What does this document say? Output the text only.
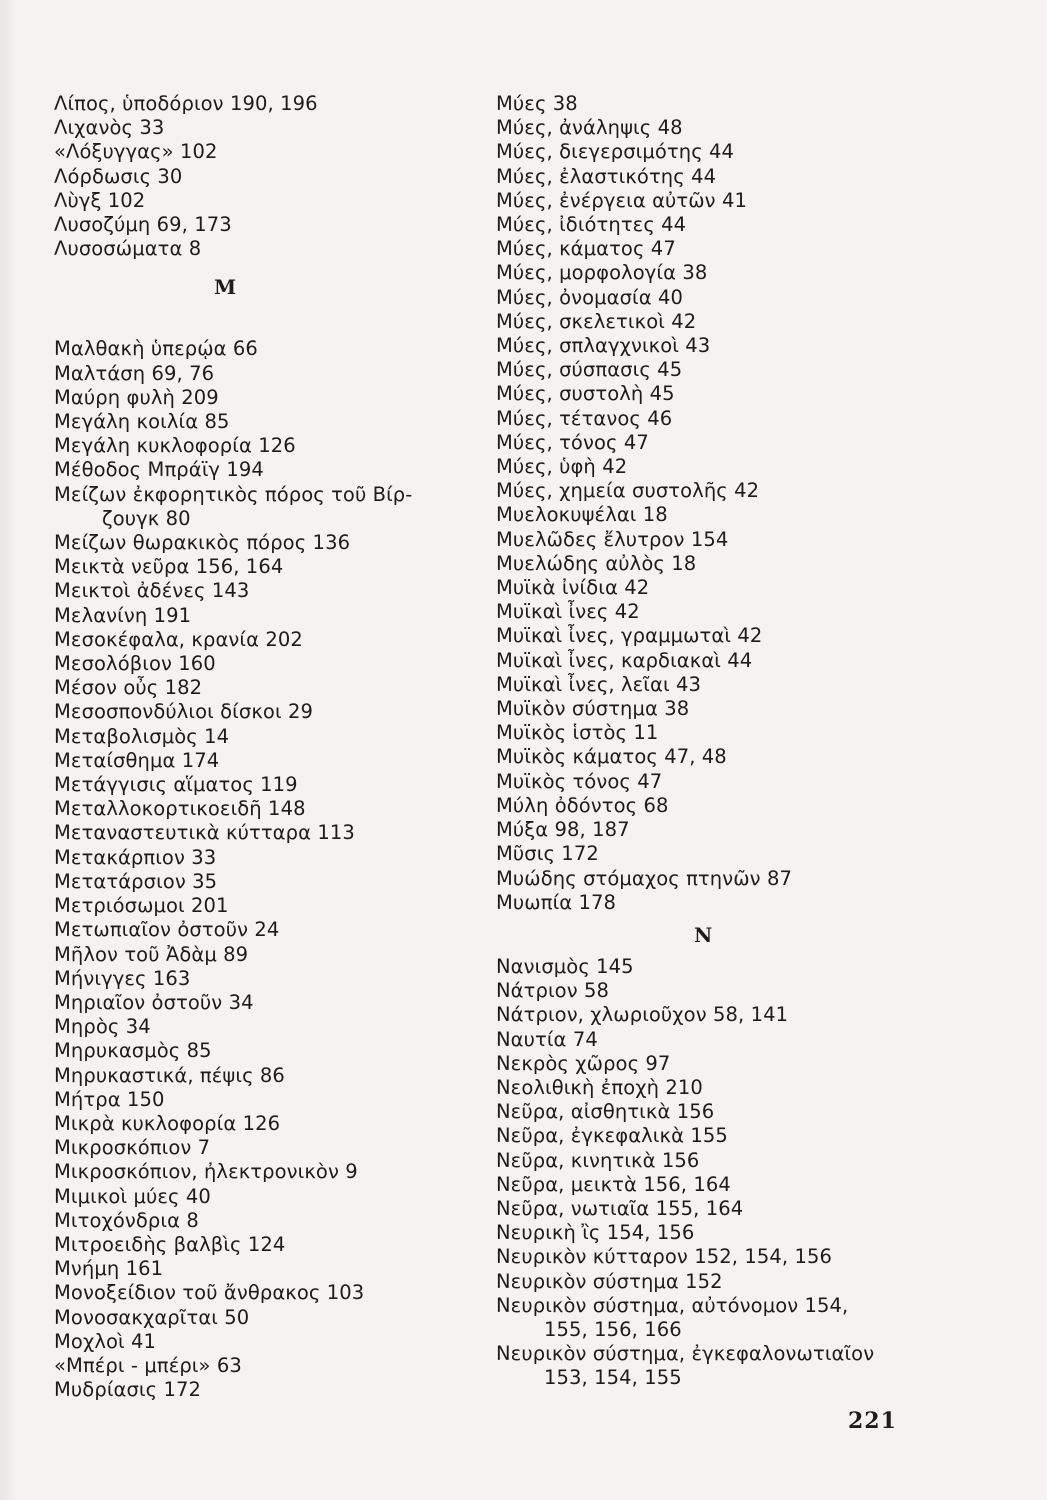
Λίπος, ὑποδόριον 190, 196
Λιχανὸς 33
«Λόξυγγας» 102
Λόρδωσις 30
Λὺγξ 102
Λυσοζύμη 69, 173
Λυσοσώματα 8
Μ
Μαλθακὴ ὑπερῴα 66
Μαλτάση 69, 76
Μαύρη φυλὴ 209
Μεγάλη κοιλία 85
Μεγάλη κυκλοφορία 126
Μέθοδος Μπράϊγ 194
Μείζων ἐκφορητικὸς πόρος τοῦ Βίρ-
ζουγκ 80
Μείζων θωρακικὸς πόρος 136
Μεικτὰ νεῦρα 156, 164
Μεικτοὶ ἀδένες 143
Μελανίνη 191
Μεσοκέφαλα, κρανία 202
Μεσολόβιον 160
Μέσον οὖς 182
Μεσοσπονδύλιοι δίσκοι 29
Μεταβολισμὸς 14
Μεταίσθημα 174
Μετάγγισις αἵματος 119
Μεταλλοκορτικοειδῆ 148
Μεταναστευτικὰ κύτταρα 113
Μετακάρπιον 33
Μετατάρσιον 35
Μετριόσωμοι 201
Μετωπιαῖον ὀστοῦν 24
Μῆλον τοῦ Ἀδὰμ 89
Μήνιγγες 163
Μηριαῖον ὀστοῦν 34
Μηρὸς 34
Μηρυκασμὸς 85
Μηρυκαστικά, πέψις 86
Μήτρα 150
Μικρὰ κυκλοφορία 126
Μικροσκόπιον 7
Μικροσκόπιον, ἠλεκτρονικὸν 9
Μιμικοὶ μύες 40
Μιτοχόνδρια 8
Μιτροειδὴς βαλβὶς 124
Μνήμη 161
Μονοξείδιον τοῦ ἄνθρακος 103
Μονοσακχαρῖται 50
Μοχλοὶ 41
«Μπέρι - μπέρι» 63
Μυδρίασις 172
Μύες 38
Μύες, ἀνάληψις 48
Μύες, διεγερσιμότης 44
Μύες, ἐλαστικότης 44
Μύες, ἐνέργεια αὐτῶν 41
Μύες, ἰδιότητες 44
Μύες, κάματος 47
Μύες, μορφολογία 38
Μύες, ὀνομασία 40
Μύες, σκελετικοὶ 42
Μύες, σπλαγχνικοὶ 43
Μύες, σύσπασις 45
Μύες, συστολὴ 45
Μύες, τέτανος 46
Μύες, τόνος 47
Μύες, ὑφὴ 42
Μύες, χημεία συστολῆς 42
Μυελοκυψέλαι 18
Μυελῶδες ἔλυτρον 154
Μυελώδης αὐλὸς 18
Μυϊκὰ ἰνίδια 42
Μυϊκαὶ ἶνες 42
Μυϊκαὶ ἶνες, γραμμωταὶ 42
Μυϊκαὶ ἶνες, καρδιακαὶ 44
Μυϊκαὶ ἶνες, λεῖαι 43
Μυϊκὸν σύστημα 38
Μυϊκὸς ἱστὸς 11
Μυϊκὸς κάματος 47, 48
Μυϊκὸς τόνος 47
Μύλη ὀδόντος 68
Μύξα 98, 187
Μῦσις 172
Μυώδης στόμαχος πτηνῶν 87
Μυωπία 178
Ν
Νανισμὸς 145
Νάτριον 58
Νάτριον, χλωριοῦχον 58, 141
Ναυτία 74
Νεκρὸς χῶρος 97
Νεολιθικὴ ἐποχὴ 210
Νεῦρα, αἰσθητικὰ 156
Νεῦρα, ἐγκεφαλικὰ 155
Νεῦρα, κινητικὰ 156
Νεῦρα, μεικτὰ 156, 164
Νεῦρα, νωτιαῖα 155, 164
Νευρικὴ ἲς 154, 156
Νευρικὸν κύτταρον 152, 154, 156
Νευρικὸν σύστημα 152
Νευρικὸν σύστημα, αὐτόνομον 154,
155, 156, 166
Νευρικὸν σύστημα, ἐγκεφαλονωτιαῖον
153, 154, 155
221
